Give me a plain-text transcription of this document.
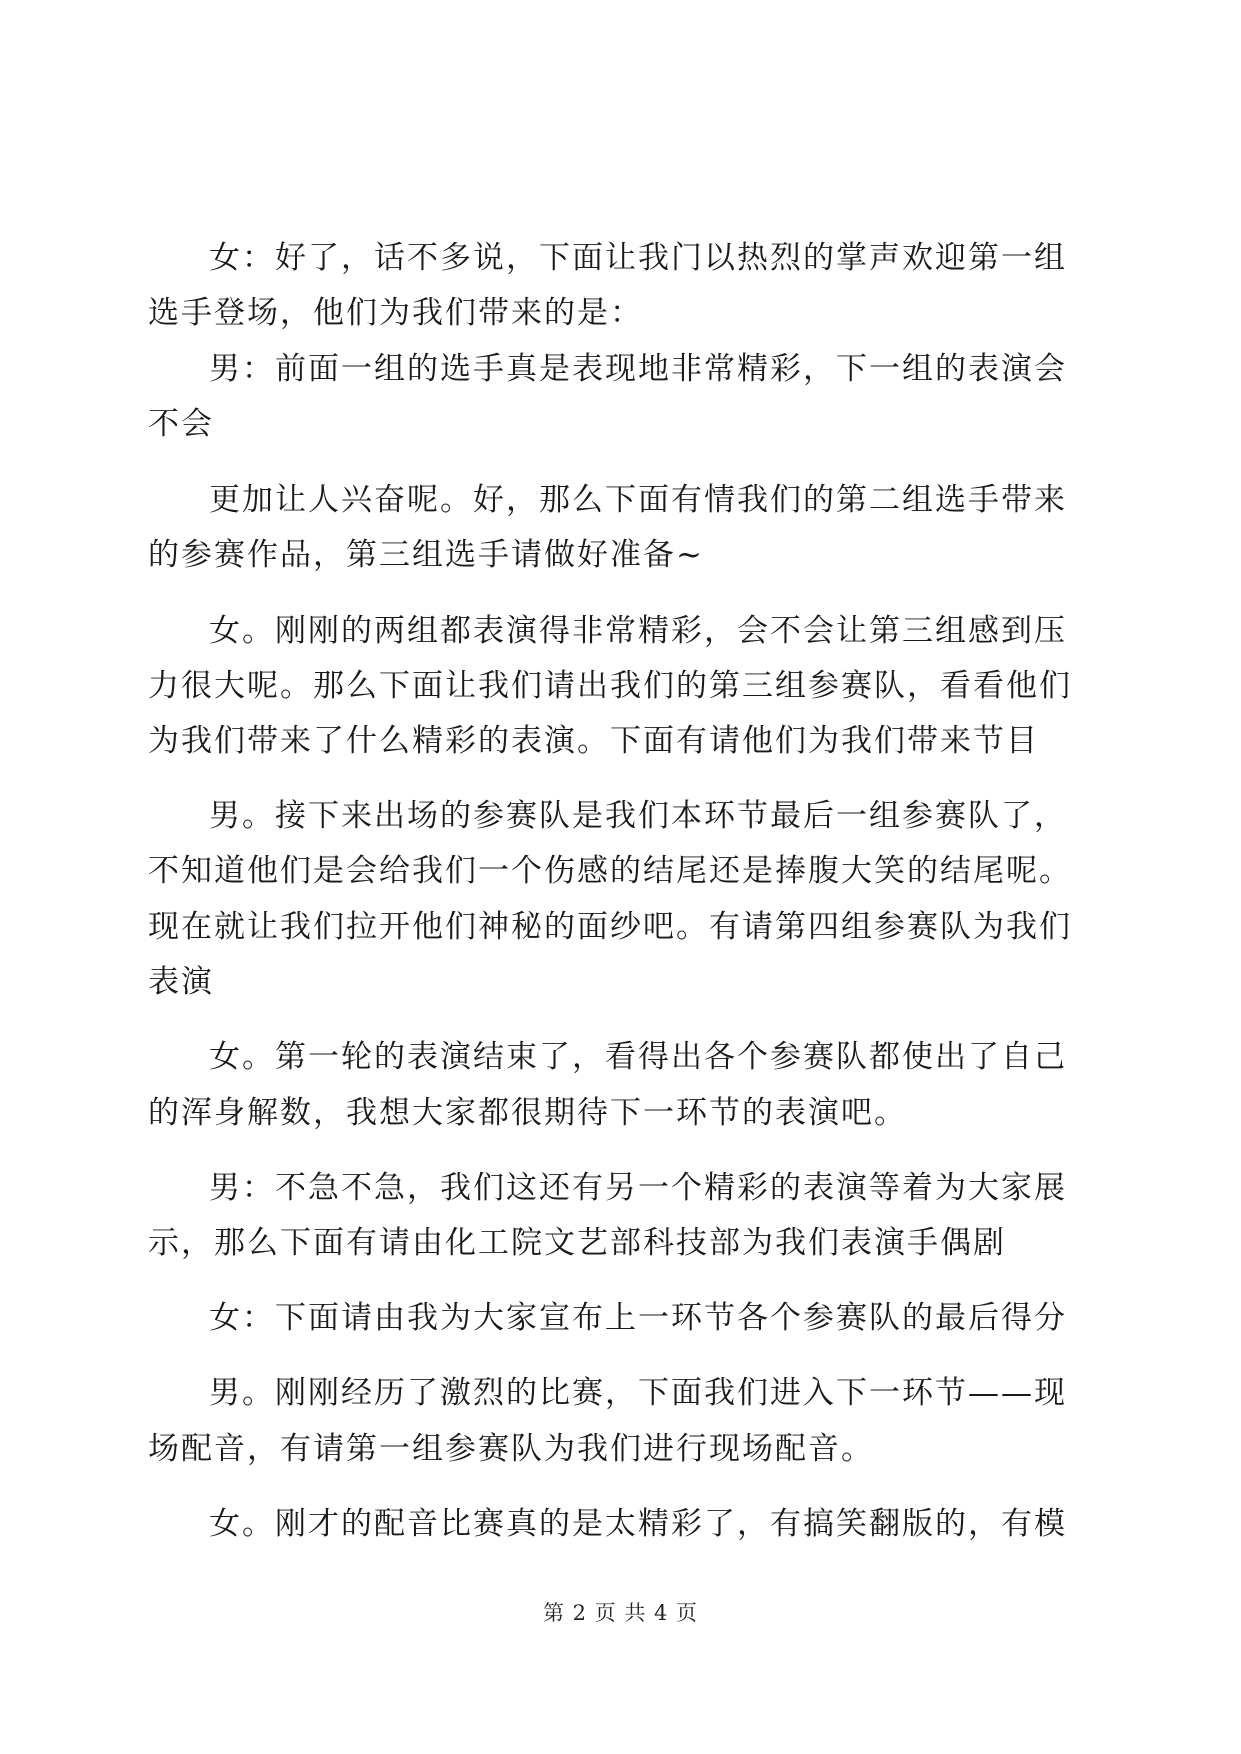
女：好了，话不多说，下面让我门以热烈的掌声欢迎第一组
选手登场，他们为我们带来的是：
男：前面一组的选手真是表现地非常精彩，下一组的表演会
不会
更加让人兴奋呢。好，那么下面有情我们的第二组选手带来
的参赛作品，第三组选手请做好准备~
女。刚刚的两组都表演得非常精彩，会不会让第三组感到压
力很大呢。那么下面让我们请出我们的第三组参赛队，看看他们
为我们带来了什么精彩的表演。下面有请他们为我们带来节目
男。接下来出场的参赛队是我们本环节最后一组参赛队了，
不知道他们是会给我们一个伤感的结尾还是捧腹大笑的结尾呢。
现在就让我们拉开他们神秘的面纱吧。有请第四组参赛队为我们
表演
女。第一轮的表演结束了，看得出各个参赛队都使出了自己
的浑身解数，我想大家都很期待下一环节的表演吧。
男：不急不急，我们这还有另一个精彩的表演等着为大家展
示，那么下面有请由化工院文艺部科技部为我们表演手偶剧
女：下面请由我为大家宣布上一环节各个参赛队的最后得分
男。刚刚经历了激烈的比赛，下面我们进入下一环节——现
场配音，有请第一组参赛队为我们进行现场配音。
女。刚才的配音比赛真的是太精彩了，有搞笑翻版的，有模
第 2 页 共 4 页
